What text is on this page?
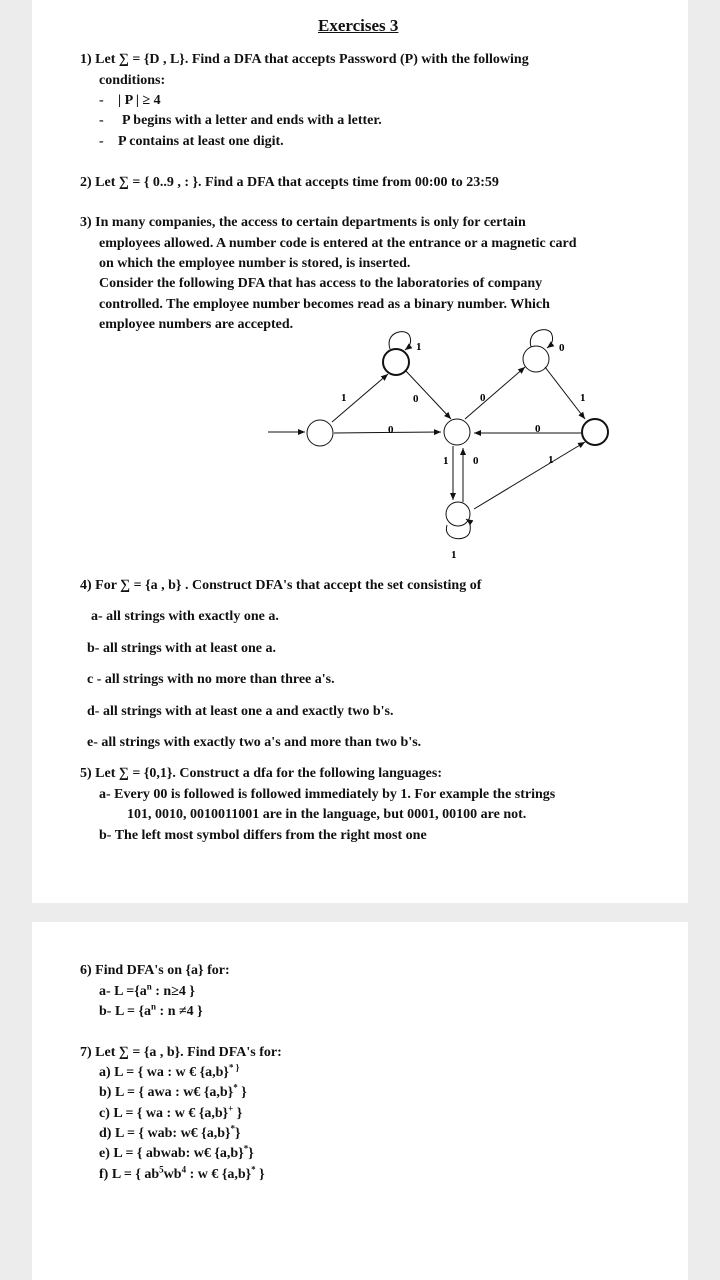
Exercises 3
1) Let ∑ = {D , L}. Find a DFA that accepts Password (P) with the following
conditions:
- | P | ≥ 4
- P begins with a letter and ends with a letter.
- P contains at least one digit.
2) Let ∑ = { 0..9 , : }. Find a DFA that accepts time from 00:00 to 23:59
3) In many companies, the access to certain departments is only for certain
employees allowed. A number code is entered at the entrance or a magnetic card
on which the employee number is stored, is inserted.
Consider the following DFA that has access to the laboratories of company
controlled. The employee number becomes read as a binary number. Which
employee numbers are accepted.
1
0
1
0	0
0
1
0
1 0	1
1
4) For ∑ = {a , b} . Construct DFA's that accept the set consisting of
a- all strings with exactly one a.
b- all strings with at least one a.
c - all strings with no more than three a's.
d- all strings with at least one a and exactly two b's.
e- all strings with exactly two a's and more than two b's.
5) Let ∑ = {0,1}. Construct a dfa for the following languages:
a- Every 00 is followed is followed immediately by 1. For example the strings
101, 0010, 0010011001 are in the language, but 0001, 00100 are not.
b- The left most symbol differs from the right most one
6) Find DFA's on {a} for:
a- $L =\{a^n$ : n≥4 }
b- $L = \{a^n$ : n ≠4 }
7) Let ∑ = {a , b}. Find DFA's for:
a) L = { wa : w € {a,b}* }
b) L = { awa : w€ {a,b}* }
c) L = { wa : w € {a,b}+ }
d) L = { wab: w€ {a,b}*}
e) L = { abwab: w€ {a,b}*}
f) L = { $ab^5wb^4$ : w € {a,b}* }
